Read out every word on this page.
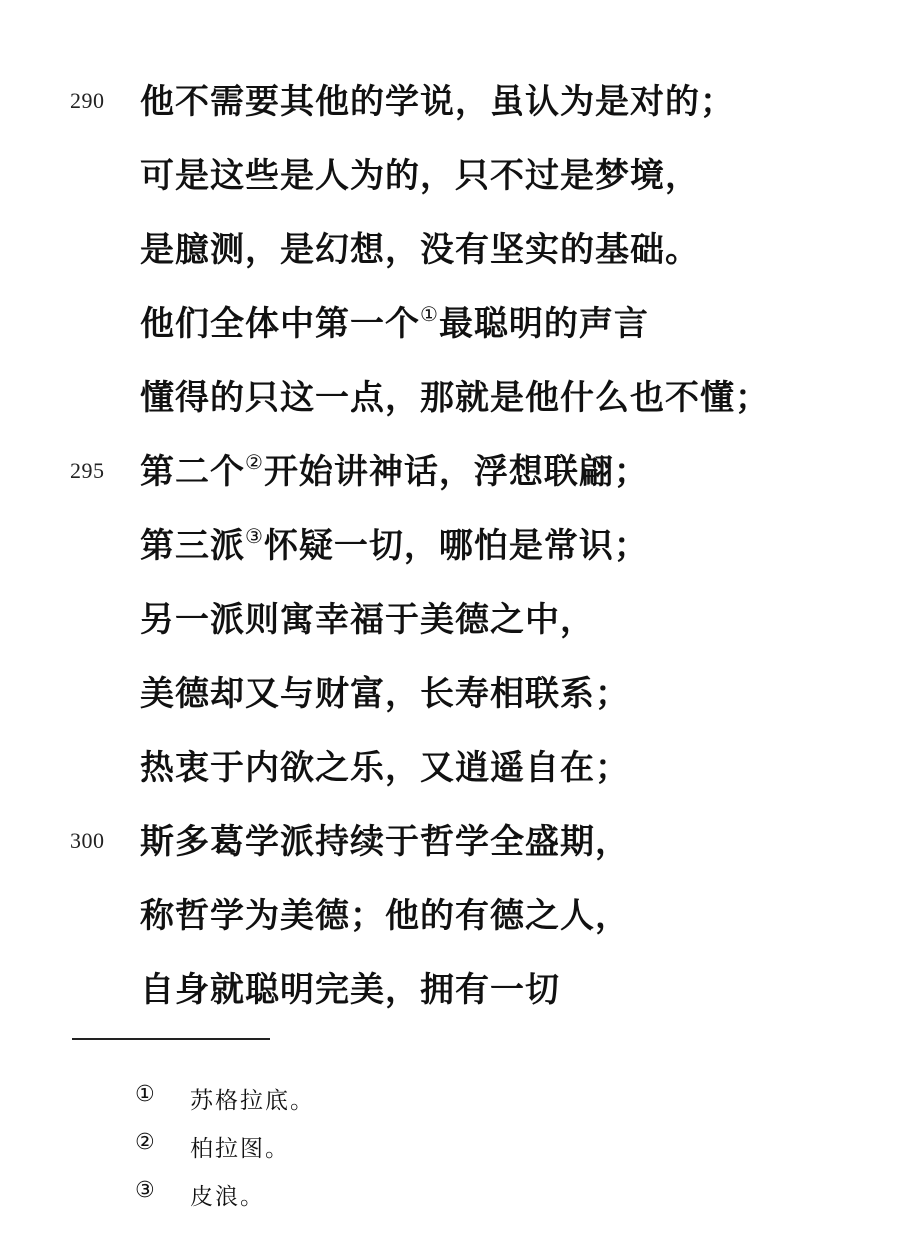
290 他不需要其他的学说，虽认为是对的；
可是这些是人为的，只不过是梦境，
是臆测，是幻想，没有坚实的基础。
他们全体中第一个①最聪明的声言
懂得的只这一点，那就是他什么也不懂；
295 第二个②开始讲神话，浮想联翩；
第三派③怀疑一切，哪怕是常识；
另一派则寓幸福于美德之中，
美德却又与财富，长寿相联系；
热衷于内欲之乐，又逍遥自在；
300 斯多葛学派持续于哲学全盛期，
称哲学为美德；他的有德之人，
自身就聪明完美，拥有一切
① 苏格拉底。
② 柏拉图。
③ 皮浪。
